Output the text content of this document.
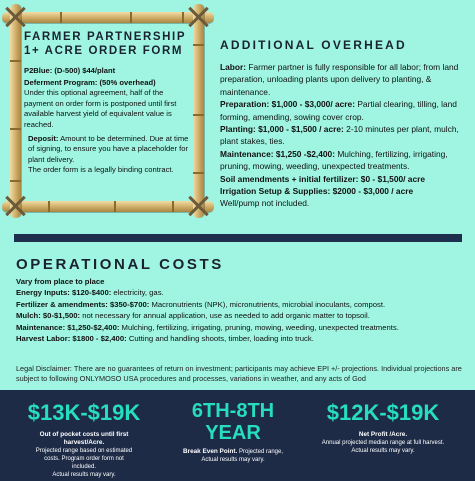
FARMER PARTNERSHIP
1+ ACRE ORDER FORM
P2Blue: (D-500) $44/plant
Deferment Program: (50% overhead)
Under this optional agreement, half of the payment on order form is postponed until first available harvest yield of equivalent value is reached.
Deposit: Amount to be determined. Due at time of signing, to ensure you have a placeholder for plant delivery.
The order form is a legally binding contract.
ADDITIONAL OVERHEAD
Labor: Farmer partner is fully responsible for all labor; from land preparation, unloading plants upon delivery to planting, & maintenance.
Preparation: $1,000 - $3,000/ acre: Partial clearing, tilling, land forming, amending, sowing cover crop.
Planting: $1,000 - $1,500 / acre: 2-10 minutes per plant, mulch, plant stakes, ties.
Maintenance: $1,250 -$2,400: Mulching, fertilizing, irrigating, pruning, mowing, weeding, unexpected treatments.
Soil amendments + initial fertilizer: $0 - $1,500/ acre
Irrigation Setup & Supplies: $2000 - $3,000 / acre
Well/pump not included.
OPERATIONAL COSTS
Vary from place to place
Energy Inputs: $120-$400: electricity, gas.
Fertilizer & amendments: $350-$700: Macronutrients (NPK), micronutrients, microbial inoculants, compost.
Mulch: $0-$1,500: not necessary for annual application, use as needed to add organic matter to topsoil.
Maintenance: $1,250-$2,400: Mulching, fertilizing, irrigating, pruning, mowing, weeding, unexpected treatments.
Harvest Labor: $1800 - $2,400: Cutting and handling shoots, timber, loading into truck.
Legal Disclaimer: There are no guarantees of return on investment; participants may achieve EPI +/- projections. Individual projections are subject to following ONLYMOSO USA procedures and processes, variations in weather, and any acts of God
$13K-$19K
Out of pocket costs until first harvest/Acre.
Projected range based on estimated costs. Program order form not included.
Actual results may vary.
6TH-8TH
YEAR
Break Even Point. Projected range, Actual results may vary.
$12K-$19K
Net Profit /Acre.
Annual projected median range at full harvest.
Actual results may vary.
